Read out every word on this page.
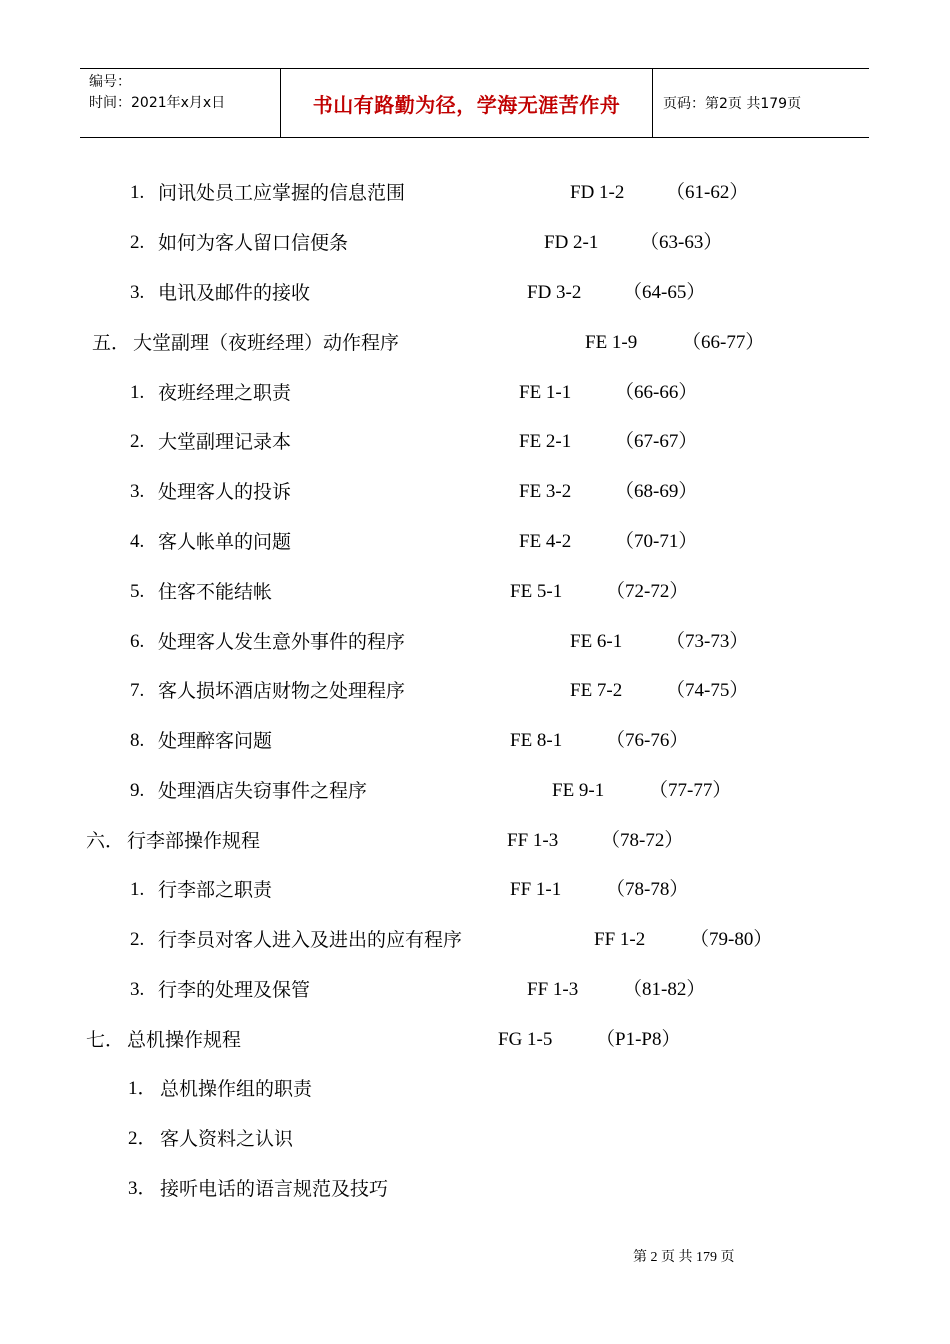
编号：
时间：2021年x月x日	书山有路勤为径，学海无涯苦作舟	页码：第2页 共179页
1. 问讯处员工应掌握的信息范围	FD 1-2 （61-62）
2. 如何为客人留口信便条	FD 2-1 （63-63）
3. 电讯及邮件的接收	FD 3-2 （64-65）
五． 大堂副理（夜班经理）动作程序	FE 1-9 （66-77）
1. 夜班经理之职责	FE 1-1 （66-66）
2. 大堂副理记录本	FE 2-1 （67-67）
3. 处理客人的投诉	FE 3-2 （68-69）
4. 客人帐单的问题	FE 4-2 （70-71）
5. 住客不能结帐	FE 5-1 （72-72）
6. 处理客人发生意外事件的程序	FE 6-1 （73-73）
7. 客人损坏酒店财物之处理程序	FE 7-2 （74-75）
8. 处理醉客问题	FE 8-1 （76-76）
9. 处理酒店失窃事件之程序	FE 9-1 （77-77）
六． 行李部操作规程	FF 1-3 （78-72）
1. 行李部之职责	FF 1-1 （78-78）
2. 行李员对客人进入及进出的应有程序	FF 1-2 （79-80）
3. 行李的处理及保管	FF 1-3 （81-82）
七． 总机操作规程	FG 1-5 （P1-P8）
1． 总机操作组的职责
2． 客人资料之认识
3． 接听电话的语言规范及技巧
第 2 页 共 179 页
